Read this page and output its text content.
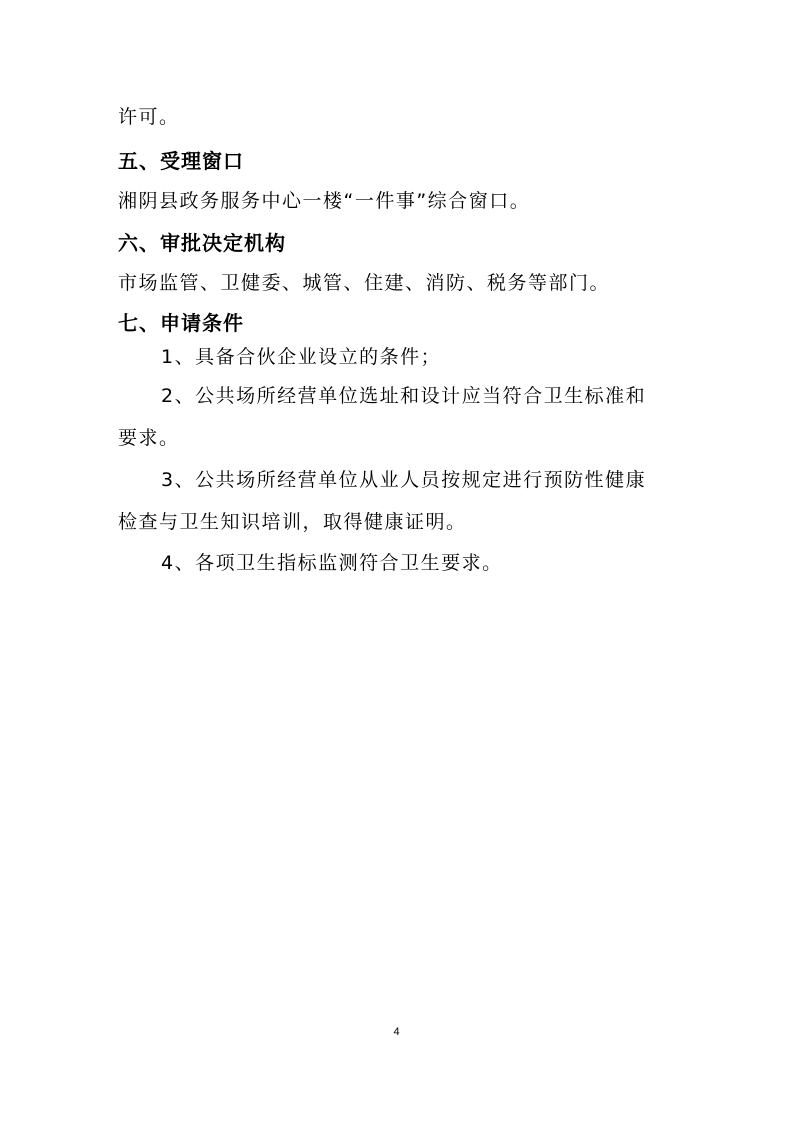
许可。
五、受理窗口
湘阴县政务服务中心一楼“一件事”综合窗口。
六、审批决定机构
市场监管、卫健委、城管、住建、消防、税务等部门。
七、申请条件
1、具备合伙企业设立的条件；
2、公共场所经营单位选址和设计应当符合卫生标准和
要求。
3、公共场所经营单位从业人员按规定进行预防性健康
检查与卫生知识培训，取得健康证明。
4、各项卫生指标监测符合卫生要求。
4
